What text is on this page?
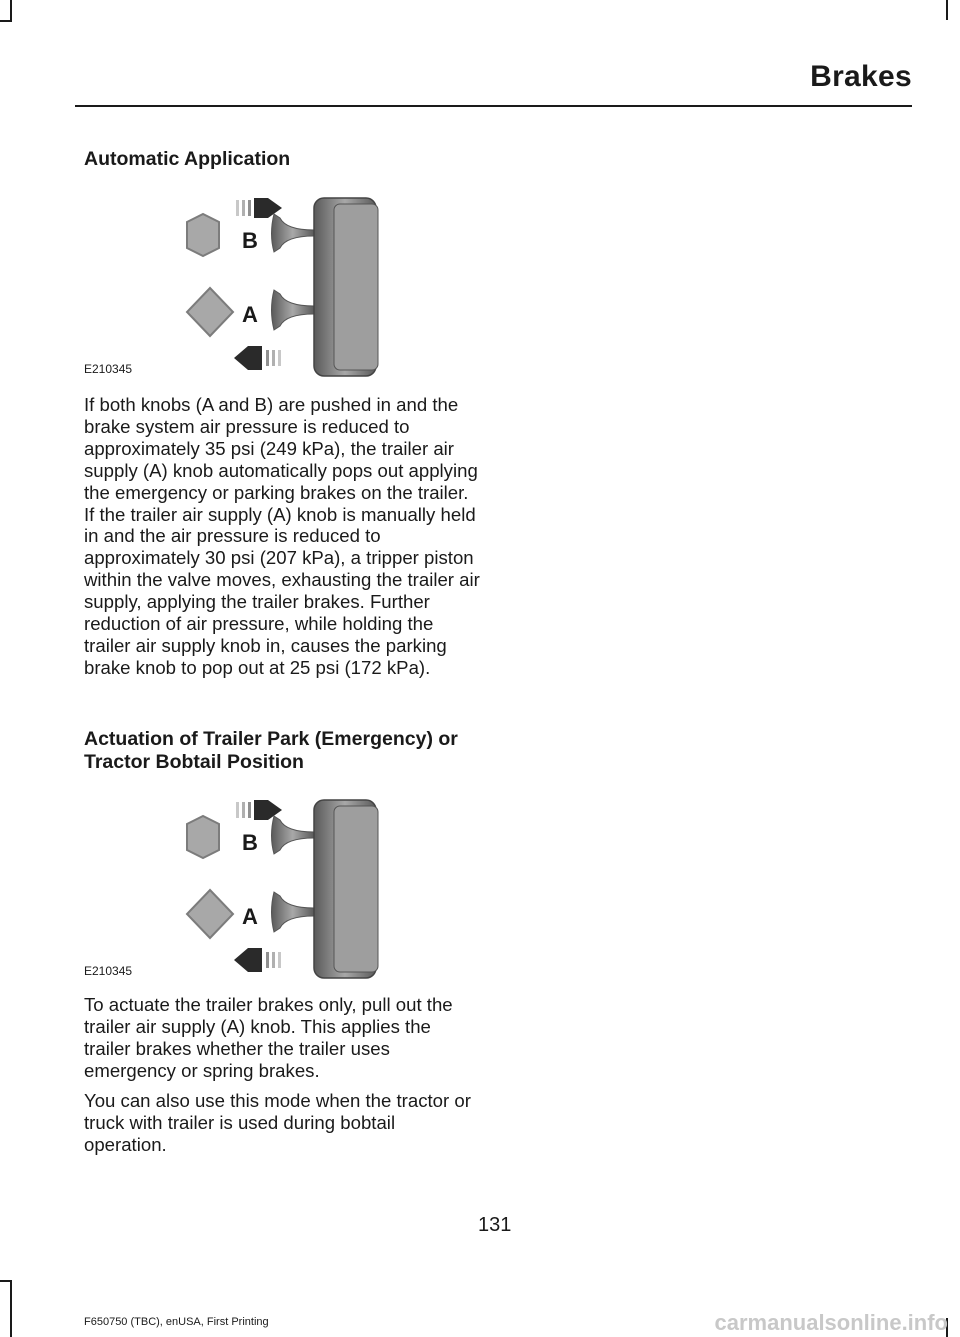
Brakes
Automatic Application
B
A
E210345

If both knobs (A and B) are pushed in and the brake system air pressure is reduced to approximately 35 psi (249 kPa), the trailer air supply (A) knob automatically pops out applying the emergency or parking brakes on the trailer. If the trailer air supply (A) knob is manually held in and the air pressure is reduced to approximately 30 psi (207 kPa), a tripper piston within the valve moves, exhausting the trailer air supply, applying the trailer brakes. Further reduction of air pressure, while holding the trailer air supply knob in, causes the parking brake knob to pop out at 25 psi (172 kPa).

Actuation of Trailer Park (Emergency) or Tractor Bobtail Position
B
A
E210345

To actuate the trailer brakes only, pull out the trailer air supply (A) knob. This applies the trailer brakes whether the trailer uses emergency or spring brakes.

You can also use this mode when the tractor or truck with trailer is used during bobtail operation.

131
F650750 (TBC), enUSA, First Printing	carmanualsonline.info
